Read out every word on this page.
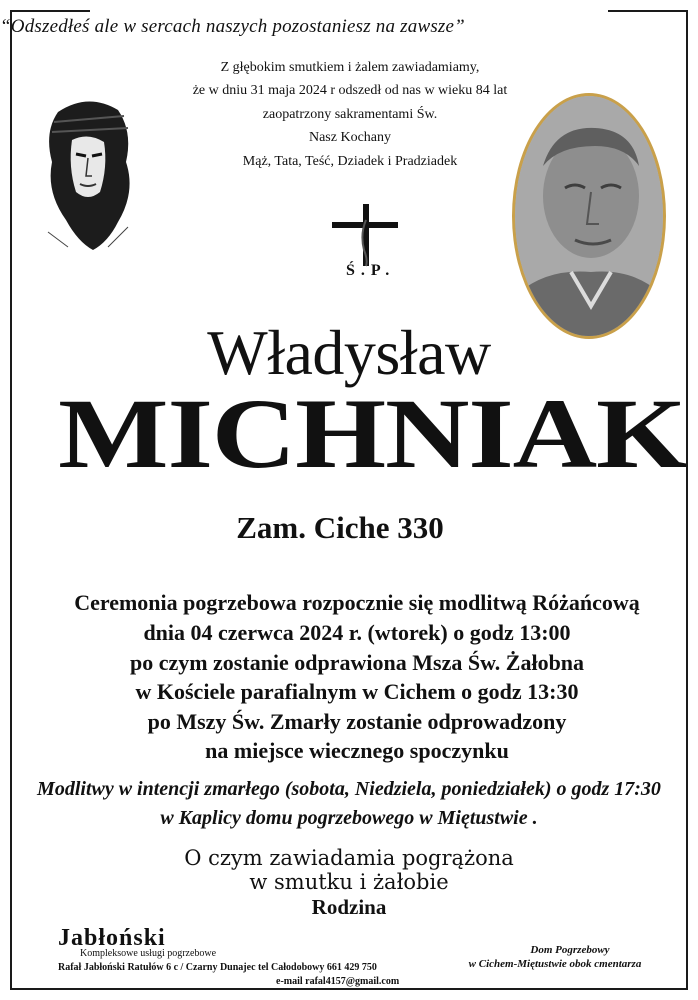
“Odszedłeś ale w sercach naszych pozostaniesz na zawsze”
Z głębokim smutkiem i żalem zawiadamiamy,
że w dniu 31 maja 2024 r odszedł od nas w wieku 84 lat
zaopatrzony sakramentami Św.
Nasz Kochany
Mąż, Tata, Teść, Dziadek i Pradziadek
Ś.P.
Władysław
MICHNIAK
Zam. Ciche 330
Ceremonia pogrzebowa rozpocznie się modlitwą Różańcową
dnia 04 czerwca 2024 r. (wtorek) o godz 13:00
po czym zostanie odprawiona Msza Św. Żałobna
w Kościele parafialnym w Cichem o godz 13:30
po Mszy Św. Zmarły zostanie odprowadzony
na miejsce wiecznego spoczynku
Modlitwy w intencji zmarłego (sobota, Niedziela, poniedziałek) o godz 17:30
w Kaplicy domu pogrzebowego w Miętustwie .
O czym zawiadamia pogrążona
w smutku i żałobie
Rodzina
Jabłoński
Kompleksowe usługi pogrzebowe
Rafał Jabłoński Ratułów 6 c / Czarny Dunajec tel Całodobowy 661 429 750
e-mail rafal4157@gmail.com
Dom Pogrzebowy
w Cichem-Miętustwie obok cmentarza
